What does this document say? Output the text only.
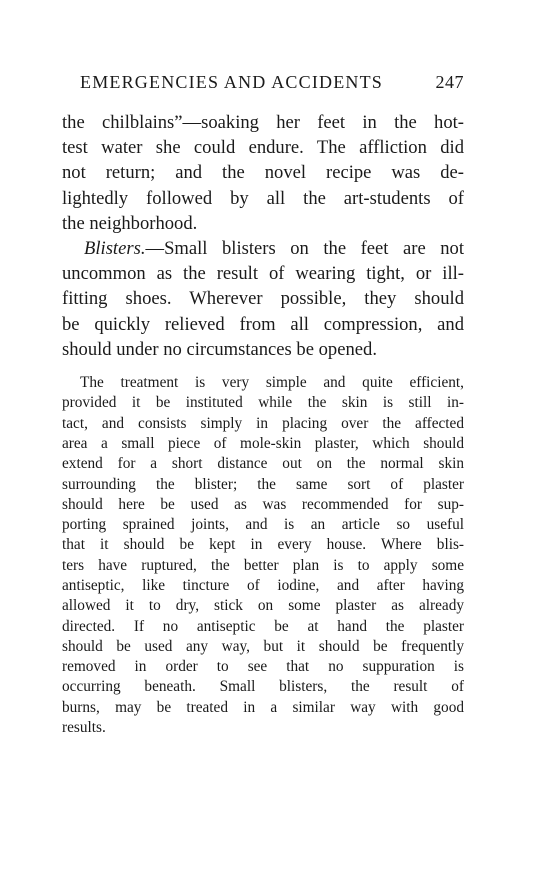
EMERGENCIES AND ACCIDENTS	247

the chilblains”—soaking her feet in the hot-
test water she could endure. The affliction did
not return; and the novel recipe was de-
lightedly followed by all the art-students of
the neighborhood.

Blisters.—Small blisters on the feet are not
uncommon as the result of wearing tight, or ill-
fitting shoes. Wherever possible, they should
be quickly relieved from all compression, and
should under no circumstances be opened.

The treatment is very simple and quite efficient,
provided it be instituted while the skin is still in-
tact, and consists simply in placing over the affected
area a small piece of mole-skin plaster, which should
extend for a short distance out on the normal skin
surrounding the blister; the same sort of plaster
should here be used as was recommended for sup-
porting sprained joints, and is an article so useful
that it should be kept in every house. Where blis-
ters have ruptured, the better plan is to apply some
antiseptic, like tincture of iodine, and after having
allowed it to dry, stick on some plaster as already
directed. If no antiseptic be at hand the plaster
should be used any way, but it should be frequently
removed in order to see that no suppuration is
occurring beneath. Small blisters, the result of
burns, may be treated in a similar way with good
results.
